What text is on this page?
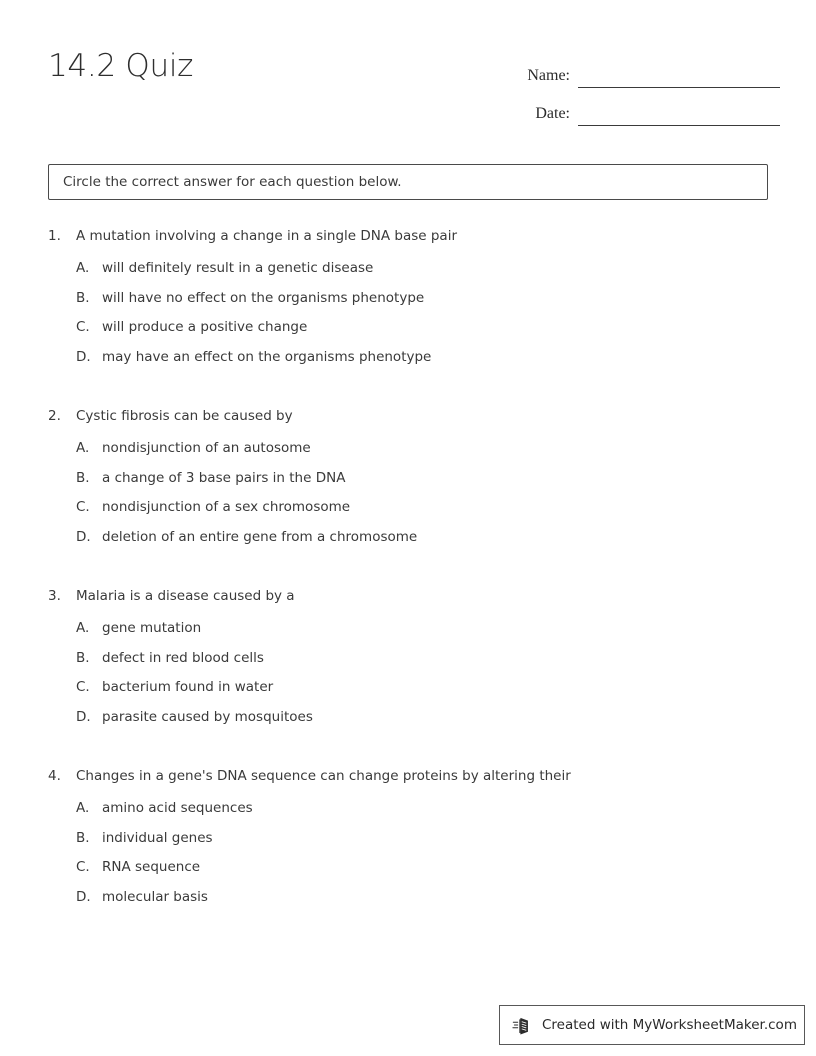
14.2 Quiz	Name:
Date:
Circle the correct answer for each question below.
1.	A mutation involving a change in a single DNA base pair
A. will definitely result in a genetic disease
B. will have no effect on the organisms phenotype
C. will produce a positive change
D. may have an effect on the organisms phenotype
2.	Cystic fibrosis can be caused by
A. nondisjunction of an autosome
B. a change of 3 base pairs in the DNA
C. nondisjunction of a sex chromosome
D. deletion of an entire gene from a chromosome
3.	Malaria is a disease caused by a
A. gene mutation
B. defect in red blood cells
C. bacterium found in water
D. parasite caused by mosquitoes
4.	Changes in a gene's DNA sequence can change proteins by altering their
A. amino acid sequences
B. individual genes
C. RNA sequence
D. molecular basis
Created with MyWorksheetMaker.com
